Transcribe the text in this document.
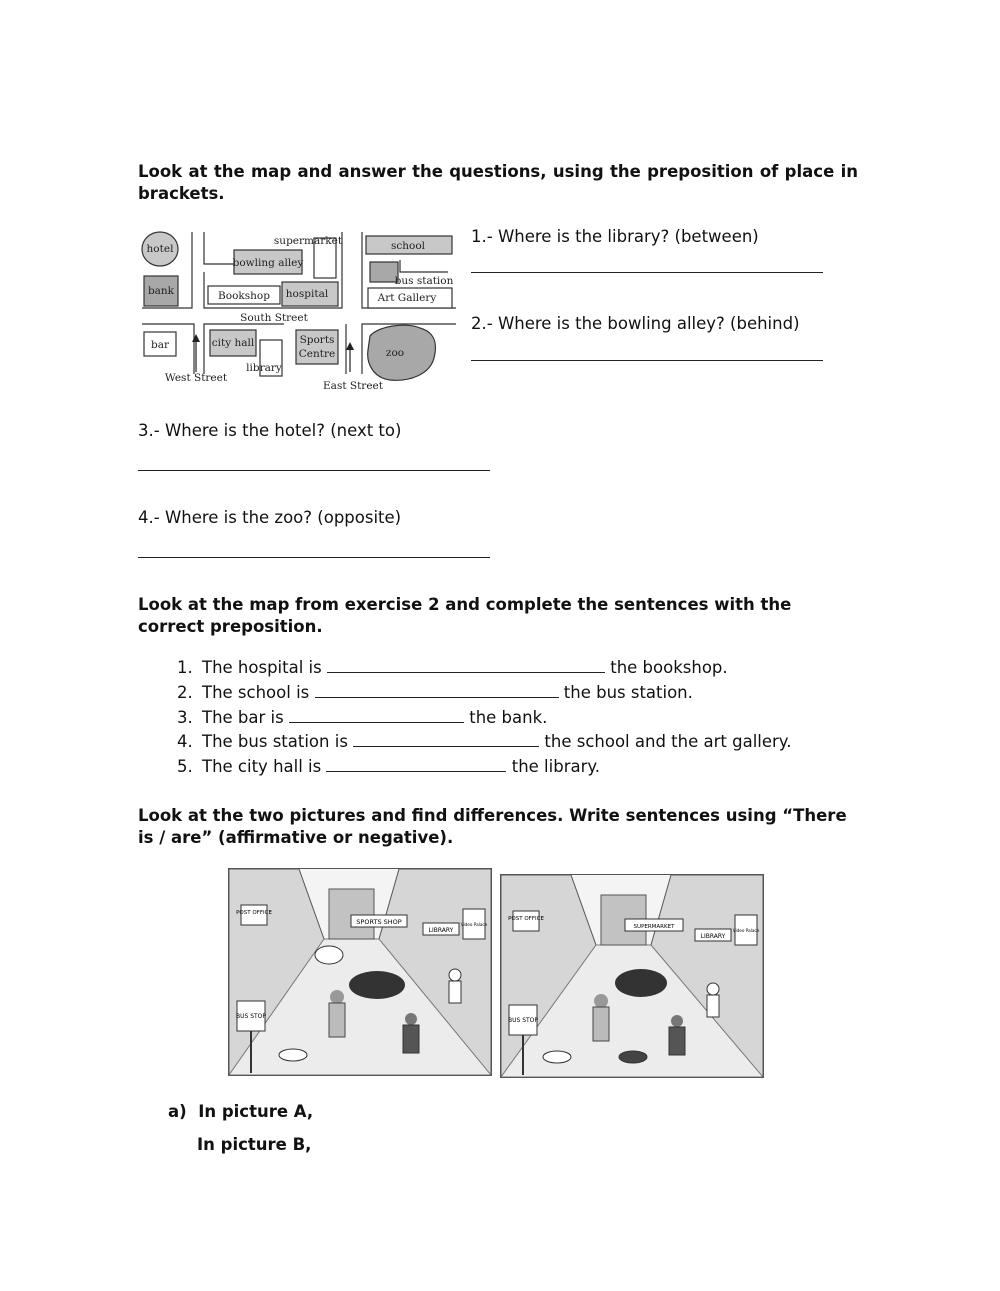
Look at the map and answer the questions, using the preposition of place in brackets.
hotel
bank
supermarket
bowling alley
Bookshop hospital
school
bus station
Art Gallery
South Street
bar	city hall
library
Sports
Centre	zoo
West Street
East Street
1.- Where is the library? (between)
2.- Where is the bowling alley? (behind)
3.- Where is the hotel? (next to)
4.- Where is the zoo? (opposite)
Look at the map from exercise 2 and complete the sentences with the correct preposition.
1. The hospital is	the bookshop.
2. The school is	the bus station.
3. The bar is	the bank.
4. The bus station is	the school and the art gallery.
5. The city hall is	the library.
Look at the two pictures and find differences. Write sentences using “There is / are” (affirmative or negative).
POST OFFICE
SPORTS SHOP
LIBRARY
Video Palace
BUS STOP
POST OFFICE
SUPERMARKET
LIBRARY
Video Palace
BUS STOP
a) In picture A,
In picture B,
